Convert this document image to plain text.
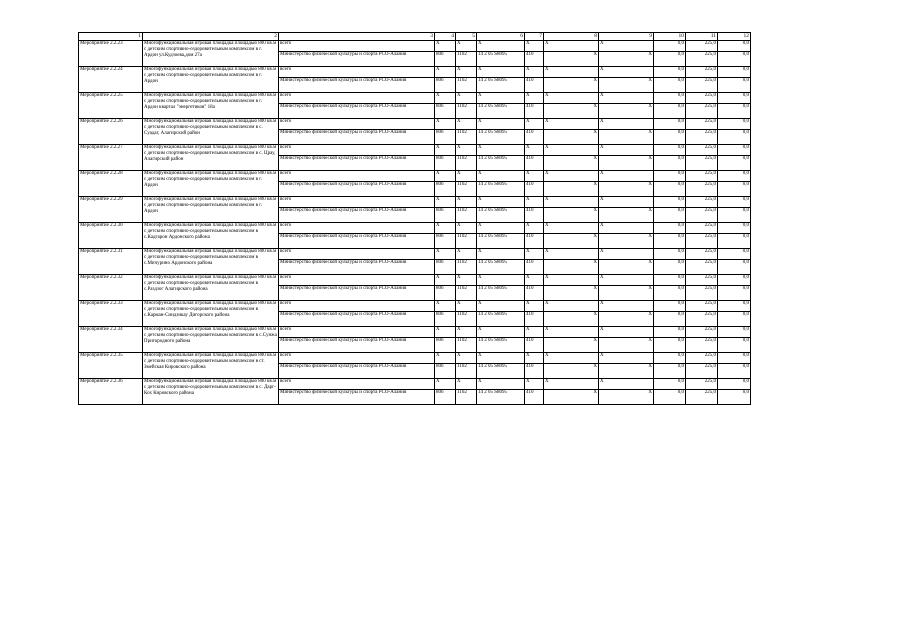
1	2	3	4	5	6	7	8	9	10	11	12
Мероприятие 2.2.23	Многофункциональная игровая площадка площадью 800 кв.м с детским спортивно-оздоровительным комплексом в г. Ардон ул.Кудзоева,дом 27а	всего	X	X	X	X	X	X	0,0	225,0	0,0
		Министерство физической культуры и спорта РСО-Алания	806	1102	14 2 05 S8095	410	X	X	0,0	225,0	0,0
Мероприятие 2.2.24	Многофункциональная игровая площадка площадью 800 кв.м с детским спортивно-оздоровительным комплексом в г. Ардон	всего	X	X	X	X	X	X	0,0	225,0	0,0
		Министерство физической культуры и спорта РСО-Алания	806	1102	14 2 05 S8095	410	X	X	0,0	225,0	0,0
Мероприятие 2.2.25	Многофункциональная игровая площадка площадью 800 кв.м с детским спортивно-оздоровительным комплексом в г. Ардон квартал "энергетиков" 18а	всего	X	X	X	X	X	X	0,0	225,0	0,0
		Министерство физической культуры и спорта РСО-Алания	806	1102	14 2 05 S8095	410	X	X	0,0	225,0	0,0
Мероприятие 2.2.26	Многофункциональная игровая площадка площадью 800 кв.м с детским спортивно-оздоровительным комплексом в с. Суадаг, Алагирский район	всего	X	X	X	X	X	X	0,0	225,0	0,0
		Министерство физической культуры и спорта РСО-Алания	806	1102	14 2 05 S8095	410	X	X	0,0	225,0	0,0
Мероприятие 2.2.27	Многофункциональная игровая площадка площадью 800 кв.м с детским спортивно-оздоровительным комплексом в с. Црау, Алагирский район	всего	X	X	X	X	X	X	0,0	225,0	0,0
		Министерство физической культуры и спорта РСО-Алания	806	1102	14 2 05 S8095	410	X	X	0,0	225,0	0,0
Мероприятие 2.2.28	Многофункциональная игровая площадка площадью 800 кв.м с детским спортивно-оздоровительным комплексом в г. Ардон	всего	X	X	X	X	X	X	0,0	225,0	0,0
		Министерство физической культуры и спорта РСО-Алания	806	1102	14 2 05 S8095	410	X	X	0,0	225,0	0,0
Мероприятие 2.2.29	Многофункциональная игровая площадка площадью 800 кв.м с детским спортивно-оздоровительным комплексом в г. Ардон	всего	X	X	X	X	X	X	0,0	225,0	0,0
		Министерство физической культуры и спорта РСО-Алания	806	1102	14 2 05 S8095	410	X	X	0,0	225,0	0,0
Мероприятие 2.2.30	Многофункциональная игровая площадка площадью 800 кв.м с детским спортивно-оздоровительным комплексом в с.Кадгарон Ардонского района	всего	X	X	X	X	X	X	0,0	225,0	0,0
		Министерство физической культуры и спорта РСО-Алания	806	1102	14 2 05 S8095	410	X	X	0,0	225,0	0,0
Мероприятие 2.2.31	Многофункциональная игровая площадка площадью 800 кв.м с детским спортивно-оздоровительным комплексом в с.Мичурино Ардонского района	всего	X	X	X	X	X	X	0,0	225,0	0,0
		Министерство физической культуры и спорта РСО-Алания	806	1102	14 2 05 S8095	410	X	X	0,0	225,0	0,0
Мероприятие 2.2.32	Многофункциональная игровая площадка площадью 800 кв.м с детским спортивно-оздоровительным комплексом в с.Раздзог Алагирского района	всего	X	X	X	X	X	X	0,0	225,0	0,0
		Министерство физической культуры и спорта РСО-Алания	806	1102	14 2 05 S8095	410	X	X	0,0	225,0	0,0
Мероприятие 2.2.33	Многофункциональная игровая площадка площадью 800 кв.м с детским спортивно-оздоровительным комплексом в с.Карман-Синдзикау Дигорского района	всего	X	X	X	X	X	X	0,0	225,0	0,0
		Министерство физической культуры и спорта РСО-Алания	806	1102	14 2 05 S8095	410	X	X	0,0	225,0	0,0
Мероприятие 2.2.34	Многофункциональная игровая площадка площадью 800 кв.м с детским спортивно-оздоровительным комплексом в с.Сунжа Пригородного района	всего	X	X	X	X	X	X	0,0	225,0	0,0
		Министерство физической культуры и спорта РСО-Алания	806	1102	14 2 05 S8095	410	X	X	0,0	225,0	0,0
Мероприятие 2.2.35	Многофункциональная игровая площадка площадью 800 кв.м с детским спортивно-оздоровительным комплексом в ст. Змейская Кировского района	всего	X	X	X	X	X	X	0,0	225,0	0,0
		Министерство физической культуры и спорта РСО-Алания	806	1102	14 2 05 S8095	410	X	X	0,0	225,0	0,0
Мероприятие 2.2.36	Многофункциональная игровая площадка площадью 800 кв.м с детским спортивно-оздоровительным комплексом в с. Дарг-Кох Кировского района	всего	X	X	X	X	X	X	0,0	225,0	0,0
		Министерство физической культуры и спорта РСО-Алания	806	1102	14 2 05 S8095	410	X	X	0,0	225,0	0,0
